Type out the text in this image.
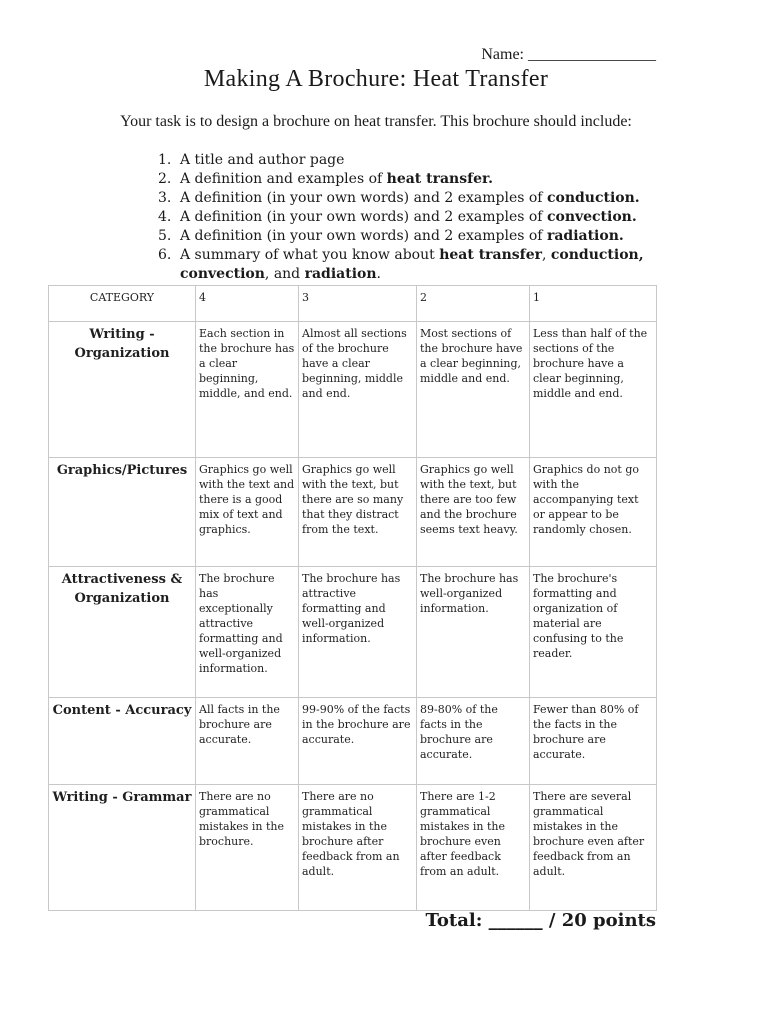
Name: ________________
Making A Brochure: Heat Transfer
Your task is to design a brochure on heat transfer. This brochure should include:
1. A title and author page
2. A definition and examples of heat transfer.
3. A definition (in your own words) and 2 examples of conduction.
4. A definition (in your own words) and 2 examples of convection.
5. A definition (in your own words) and 2 examples of radiation.
6. A summary of what you know about heat transfer, conduction, convection, and radiation.
CATEGORY	4	3	2	1
Writing - Organization	Each section in the brochure has a clear beginning, middle, and end.	Almost all sections of the brochure have a clear beginning, middle and end.	Most sections of the brochure have a clear beginning, middle and end.	Less than half of the sections of the brochure have a clear beginning, middle and end.
Graphics/Pictures	Graphics go well with the text and there is a good mix of text and graphics.	Graphics go well with the text, but there are so many that they distract from the text.	Graphics go well with the text, but there are too few and the brochure seems text heavy.	Graphics do not go with the accompanying text or appear to be randomly chosen.
Attractiveness & Organization	The brochure has exceptionally attractive formatting and well-organized information.	The brochure has attractive formatting and well-organized information.	The brochure has well-organized information.	The brochure's formatting and organization of material are confusing to the reader.
Content - Accuracy	All facts in the brochure are accurate.	99-90% of the facts in the brochure are accurate.	89-80% of the facts in the brochure are accurate.	Fewer than 80% of the facts in the brochure are accurate.
Writing - Grammar	There are no grammatical mistakes in the brochure.	There are no grammatical mistakes in the brochure after feedback from an adult.	There are 1-2 grammatical mistakes in the brochure even after feedback from an adult.	There are several grammatical mistakes in the brochure even after feedback from an adult.
Total: ______ / 20 points
